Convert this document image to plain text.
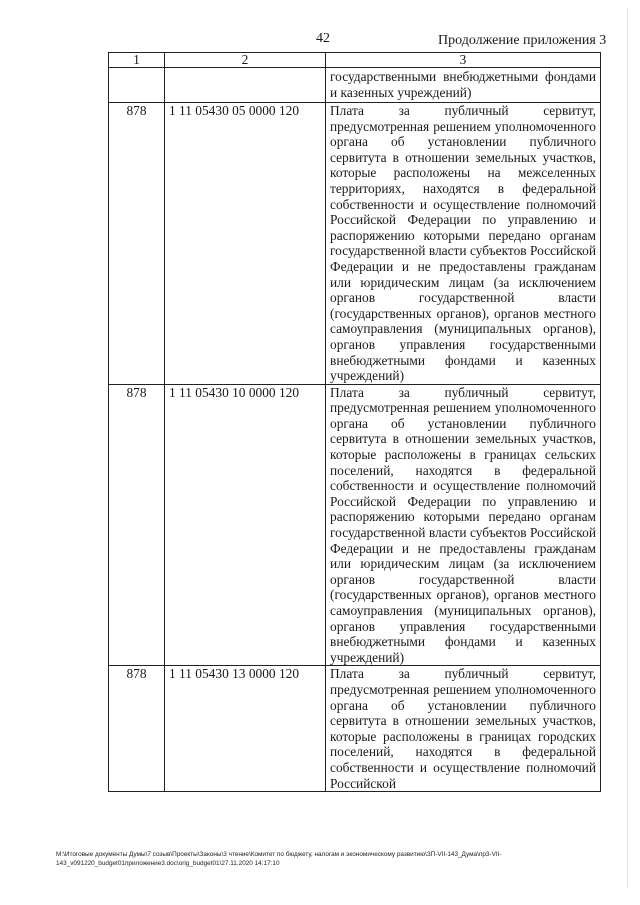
42	Продолжение приложения 3
1	2	3
		государственными внебюджетными фондами и казенных учреждений)
878	1 11 05430 05 0000 120	Плата за публичный сервитут, предусмотренная решением уполномоченного органа об установлении публичного сервитута в отношении земельных участков, которые расположены на межселенных территориях, находятся в федеральной собственности и осуществление полномочий Российской Федерации по управлению и распоряжению которыми передано органам государственной власти субъектов Российской Федерации и не предоставлены гражданам или юридическим лицам (за исключением органов государственной власти (государственных органов), органов местного самоуправления (муниципальных органов), органов управления государственными внебюджетными фондами и казенных учреждений)
878	1 11 05430 10 0000 120	Плата за публичный сервитут, предусмотренная решением уполномоченного органа об установлении публичного сервитута в отношении земельных участков, которые расположены в границах сельских поселений, находятся в федеральной собственности и осуществление полномочий Российской Федерации по управлению и распоряжению которыми передано органам государственной власти субъектов Российской Федерации и не предоставлены гражданам или юридическим лицам (за исключением органов государственной власти (государственных органов), органов местного самоуправления (муниципальных органов), органов управления государственными внебюджетными фондами и казенных учреждений)
878	1 11 05430 13 0000 120	Плата за публичный сервитут, предусмотренная решением уполномоченного органа об установлении публичного сервитута в отношении земельных участков, которые расположены в границах городских поселений, находятся в федеральной собственности и осуществление полномочий Российской
M:\Итоговые документы Думы\7 созыв\Проекты\Законы\3 чтение\Комитет по бюджету, налогам и экономическому развитию\ЗП-VII-143_Дума\пр3-VII-
143_v091220_budget01приложение3.doc\orig_budget01\27.11.2020 14:17:10
